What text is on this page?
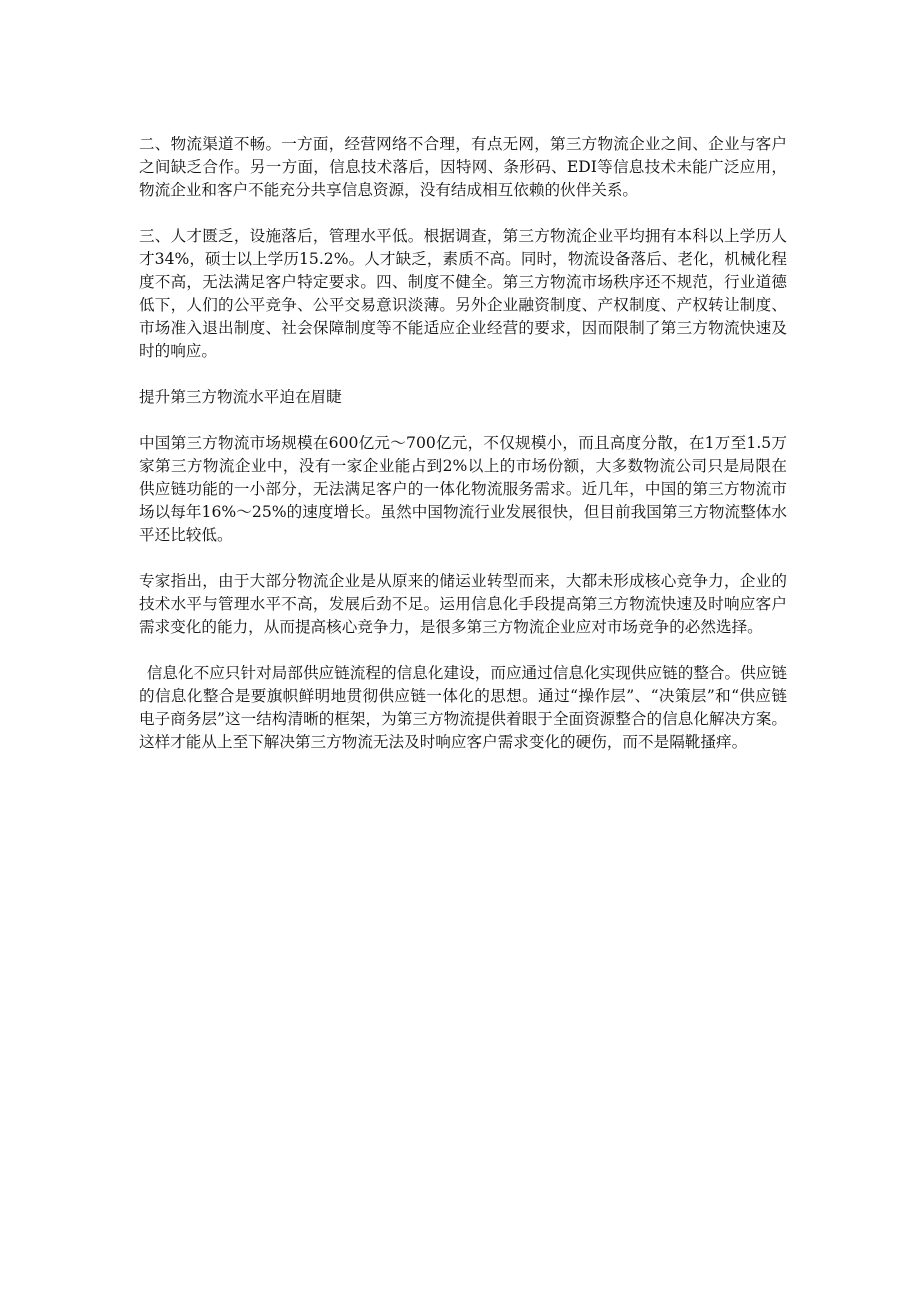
二、物流渠道不畅。一方面，经营网络不合理，有点无网，第三方物流企业之间、企业与客户之间缺乏合作。另一方面，信息技术落后，因特网、条形码、EDI等信息技术未能广泛应用，物流企业和客户不能充分共享信息资源，没有结成相互依赖的伙伴关系。

三、人才匮乏，设施落后，管理水平低。根据调查，第三方物流企业平均拥有本科以上学历人才34%，硕士以上学历15.2%。人才缺乏，素质不高。同时，物流设备落后、老化，机械化程度不高，无法满足客户特定要求。四、制度不健全。第三方物流市场秩序还不规范，行业道德低下，人们的公平竞争、公平交易意识淡薄。另外企业融资制度、产权制度、产权转让制度、市场准入退出制度、社会保障制度等不能适应企业经营的要求，因而限制了第三方物流快速及时的响应。

提升第三方物流水平迫在眉睫

中国第三方物流市场规模在600亿元～700亿元，不仅规模小，而且高度分散，在1万至1.5万家第三方物流企业中，没有一家企业能占到2%以上的市场份额，大多数物流公司只是局限在供应链功能的一小部分，无法满足客户的一体化物流服务需求。近几年，中国的第三方物流市场以每年16%～25%的速度增长。虽然中国物流行业发展很快，但目前我国第三方物流整体水平还比较低。

专家指出，由于大部分物流企业是从原来的储运业转型而来，大都未形成核心竞争力，企业的技术水平与管理水平不高，发展后劲不足。运用信息化手段提高第三方物流快速及时响应客户需求变化的能力，从而提高核心竞争力，是很多第三方物流企业应对市场竞争的必然选择。

信息化不应只针对局部供应链流程的信息化建设，而应通过信息化实现供应链的整合。供应链的信息化整合是要旗帜鲜明地贯彻供应链一体化的思想。通过“操作层”、“决策层”和“供应链电子商务层”这一结构清晰的框架，为第三方物流提供着眼于全面资源整合的信息化解决方案。这样才能从上至下解决第三方物流无法及时响应客户需求变化的硬伤，而不是隔靴搔痒。
